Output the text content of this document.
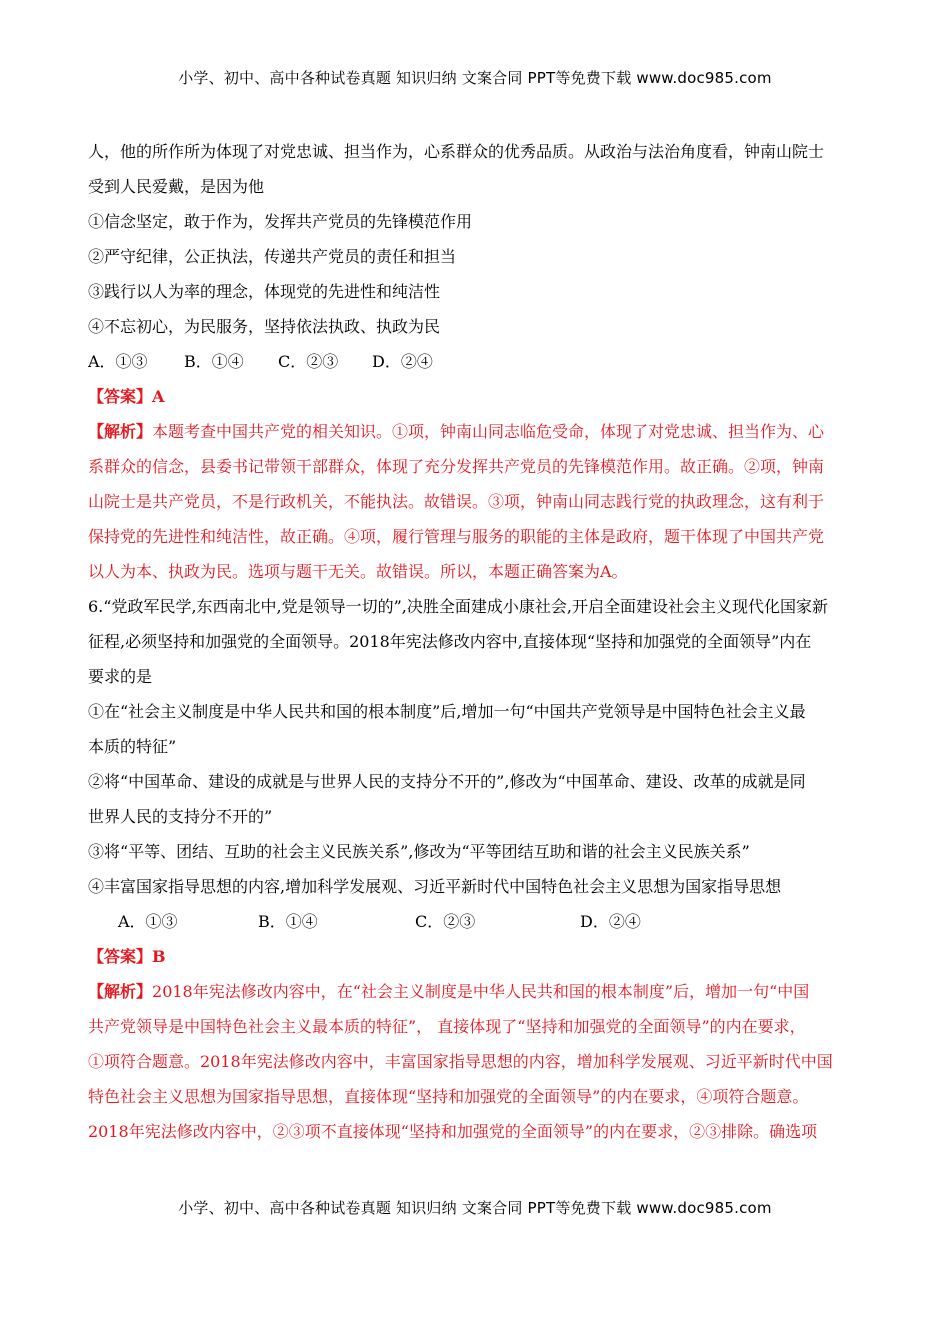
小学、初中、高中各种试卷真题 知识归纳 文案合同 PPT等免费下载 www.doc985.com
人，他的所作所为体现了对党忠诚、担当作为，心系群众的优秀品质。从政治与法治角度看，钟南山院士
受到人民爱戴，是因为他
①信念坚定，敢于作为，发挥共产党员的先锋模范作用
②严守纪律，公正执法，传递共产党员的责任和担当
③践行以人为率的理念，体现党的先进性和纯洁性
④不忘初心，为民服务，坚持依法执政、执政为民
A．①③ B．①④ C．②③ D．②④
【答案】A
【解析】本题考查中国共产党的相关知识。①项，钟南山同志临危受命，体现了对党忠诚、担当作为、心
系群众的信念，县委书记带领干部群众，体现了充分发挥共产党员的先锋模范作用。故正确。②项，钟南
山院士是共产党员，不是行政机关，不能执法。故错误。③项，钟南山同志践行党的执政理念，这有利于
保持党的先进性和纯洁性，故正确。④项，履行管理与服务的职能的主体是政府，题干体现了中国共产党
以人为本、执政为民。选项与题干无关。故错误。所以，本题正确答案为A。
6.“党政军民学,东西南北中,党是领导一切的”,决胜全面建成小康社会,开启全面建设社会主义现代化国家新
征程,必须坚持和加强党的全面领导。2018年宪法修改内容中,直接体现“坚持和加强党的全面领导”内在
要求的是
①在“社会主义制度是中华人民共和国的根本制度”后,增加一句“中国共产党领导是中国特色社会主义最
本质的特征”
②将“中国革命、建设的成就是与世界人民的支持分不开的”,修改为“中国革命、建设、改革的成就是同
世界人民的支持分不开的”
③将“平等、团结、互助的社会主义民族关系”,修改为“平等团结互助和谐的社会主义民族关系”
④丰富国家指导思想的内容,增加科学发展观、习近平新时代中国特色社会主义思想为国家指导思想
A．①③	B．①④	C．②③	D．②④
【答案】B
【解析】2018年宪法修改内容中，在“社会主义制度是中华人民共和国的根本制度”后，增加一句“中国
共产党领导是中国特色社会主义最本质的特征”， 直接体现了“坚持和加强党的全面领导”的内在要求，
①项符合题意。2018年宪法修改内容中，丰富国家指导思想的内容，增加科学发展观、习近平新时代中国
特色社会主义思想为国家指导思想，直接体现“坚持和加强党的全面领导”的内在要求，④项符合题意。
2018年宪法修改内容中，②③项不直接体现“坚持和加强党的全面领导”的内在要求，②③排除。确选项
小学、初中、高中各种试卷真题 知识归纳 文案合同 PPT等免费下载 www.doc985.com
